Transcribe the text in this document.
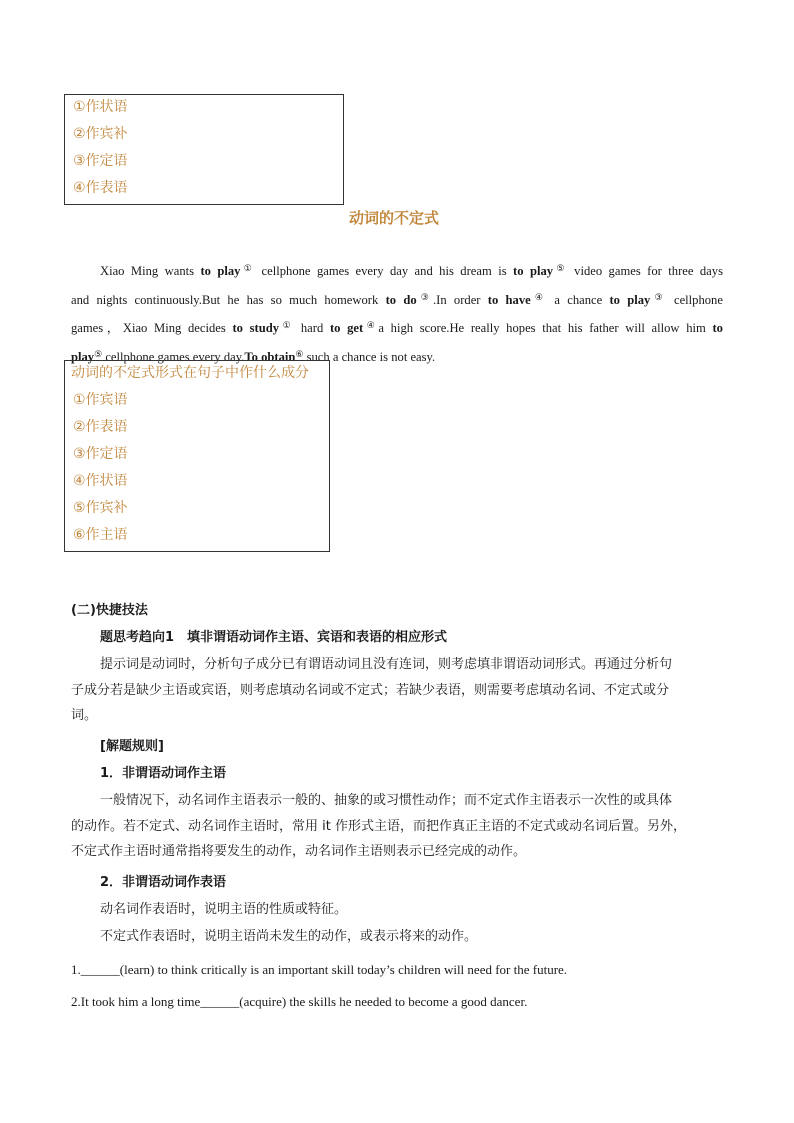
①作状语
②作宾补
③作定语
④作表语
动词的不定式
Xiao Ming wants to play① cellphone games every day and his dream is to play⑤ video games for three days
and nights continuously.But he has so much homework to do③.In order to have④ a chance to play③ cellphone
games，Xiao Ming decides to study① hard to get④a high score.He really hopes that his father will allow him to
play⑤ cellphone games every day.To obtain⑥ such a chance is not easy.
动词的不定式形式在句子中作什么成分
①作宾语
②作表语
③作定语
④作状语
⑤作宾补
⑥作主语
(二)快捷技法
题思考趋向1　填非谓语动词作主语、宾语和表语的相应形式
提示词是动词时，分析句子成分已有谓语动词且没有连词，则考虑填非谓语动词形式。再通过分析句
子成分若是缺少主语或宾语，则考虑填动名词或不定式；若缺少表语，则需要考虑填动名词、不定式或分
词。
[解题规则]
1．非谓语动词作主语
一般情况下，动名词作主语表示一般的、抽象的或习惯性动作；而不定式作主语表示一次性的或具体
的动作。若不定式、动名词作主语时，常用 it 作形式主语，而把作真正主语的不定式或动名词后置。另外，
不定式作主语时通常指将要发生的动作，动名词作主语则表示已经完成的动作。
2．非谓语动词作表语
动名词作表语时，说明主语的性质或特征。
不定式作表语时，说明主语尚未发生的动作，或表示将来的动作。
1.______(learn) to think critically is an important skill today’s children will need for the future.
2.It took him a long time______(acquire) the skills he needed to become a good dancer.
